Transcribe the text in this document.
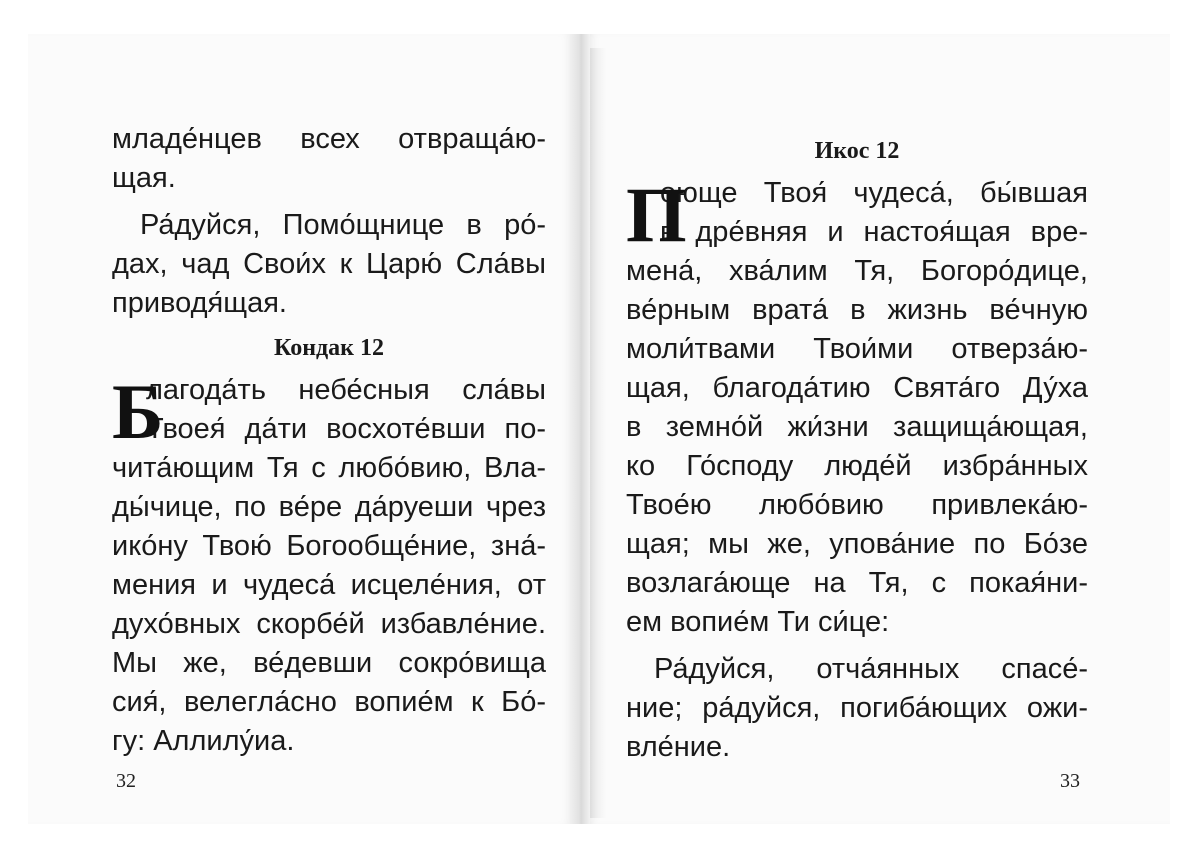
младе́нцев всех отвраща́ю-
щая.
Ра́дуйся, Помо́щнице в ро́-
дах, чад Свои́х к Царю́ Сла́вы
приводя́щая.
Кондак 12
Б
лагода́ть небе́сныя сла́вы
Твоея́ да́ти восхоте́вши по-
чита́ющим Тя с любо́вию, Вла-
ды́чице, по ве́ре да́руеши чрез
ико́ну Твою́ Богообще́ние, зна́-
мения и чудеса́ исцеле́ния, от
духо́вных скорбе́й избавле́ние.
Мы же, ве́девши сокро́вища
сия́, велегла́сно вопие́м к Бо́-
гу: Аллилу́иа.
32
Икос 12
П
оюще Твоя́ чудеса́, бы́вшая
в дре́вняя и настоя́щая вре-
мена́, хва́лим Тя, Богоро́дице,
ве́рным врата́ в жизнь ве́чную
моли́твами Твои́ми отверза́ю-
щая, благода́тию Свята́го Ду́ха
в земно́й жи́зни защища́ющая,
ко Го́споду люде́й избра́нных
Твое́ю любо́вию привлека́ю-
щая; мы же, упова́ние по Бо́зе
возлага́юще на Тя, с покая́ни-
ем вопие́м Ти си́це:
Ра́дуйся, отча́янных спасе́-
ние; ра́дуйся, погиба́ющих ожи-
вле́ние.
33
